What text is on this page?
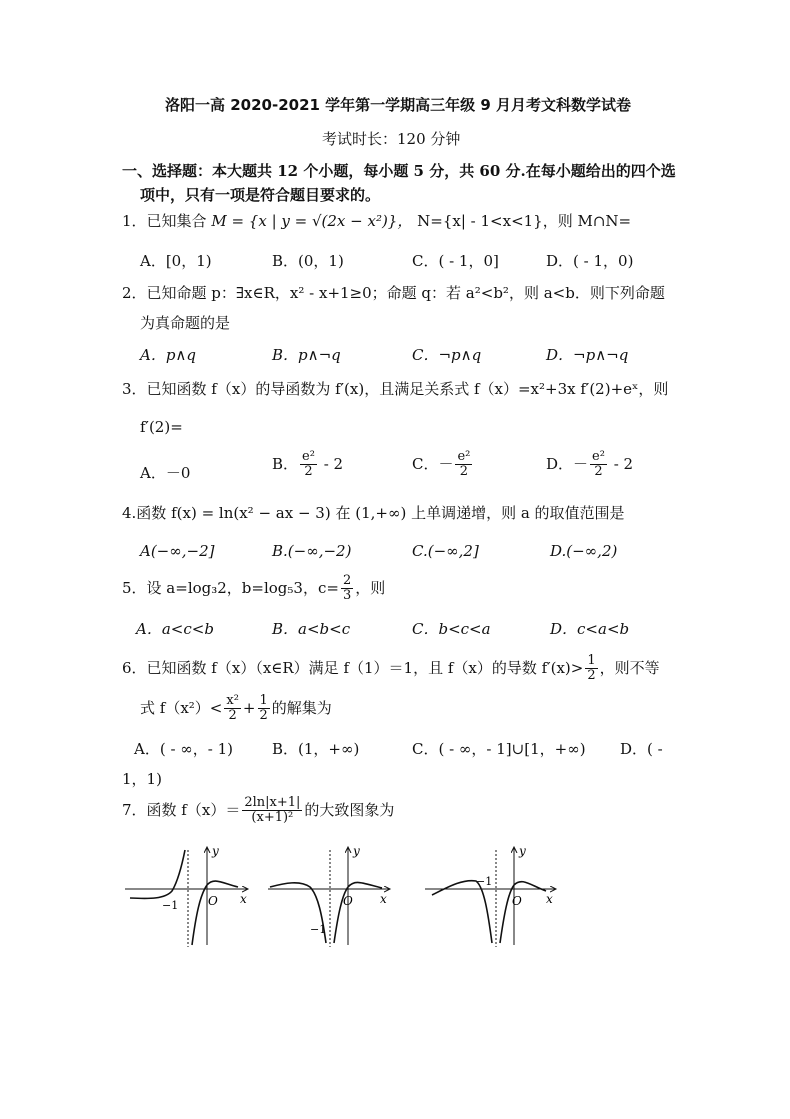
洛阳一高 2020-2021 学年第一学期高三年级 9 月月考文科数学试卷
考试时长：120 分钟
一、选择题：本大题共 12 个小题，每小题 5 分，共 60 分.在每小题给出的四个选
项中，只有一项是符合题目要求的。
1．已知集合 M = {x | y = √(2x − x²)}， N={x| - 1<x<1}，则 M∩N=
A．[0，1)	B．(0，1)	C．( - 1，0]	D．( - 1，0)
2．已知命题 p：∃x∈R，x² - x+1≥0；命题 q：若 a²<b²，则 a<b．则下列命题
为真命题的是
A．p∧q	B．p∧¬q	C．¬p∧q	D．¬p∧¬q
3．已知函数 f（x）的导函数为 f′(x)，且满足关系式 f（x）=x²+3x f′(2)+eˣ，则
f′(2)=
A．－0
B． $\frac{\text{e²}}{2} - 2$	C．－ $\frac{\text{e²}}{2}$	D．－ $\frac{\text{e²}}{2} - 2$
4.函数 f(x) = ln(x² − ax − 3) 在 (1,+∞) 上单调递增，则 a 的取值范围是
A(−∞,−2]	B.(−∞,−2)	C.(−∞,2]	D.(−∞,2)
5．设 a=log₃2，b=log₅3，$c= \frac{2}{3}$ ，则
A．a<c<b	B．a<b<c	C．b<c<a	D．c<a<b
6．已知函数 f（x）（x∈R）满足 f（1）＝1，且 f（x）的导数 $f'(x)> \frac{1}{2}$ ，则不等
式 $f(x^2)< \frac{\text{x²}}{2} + \frac{1}{2}$ 的解集为
A．( - ∞，- 1)	B．(1，+∞)	C．( - ∞，- 1]∪[1，+∞) D．( -
1，1)
7．函数 $f(x)= \frac{2\ln|x+1|}{\text{(x+1)²}}$ 的大致图象为
y
x
O
−1
y
x
O
−1
y
x
O
−1
